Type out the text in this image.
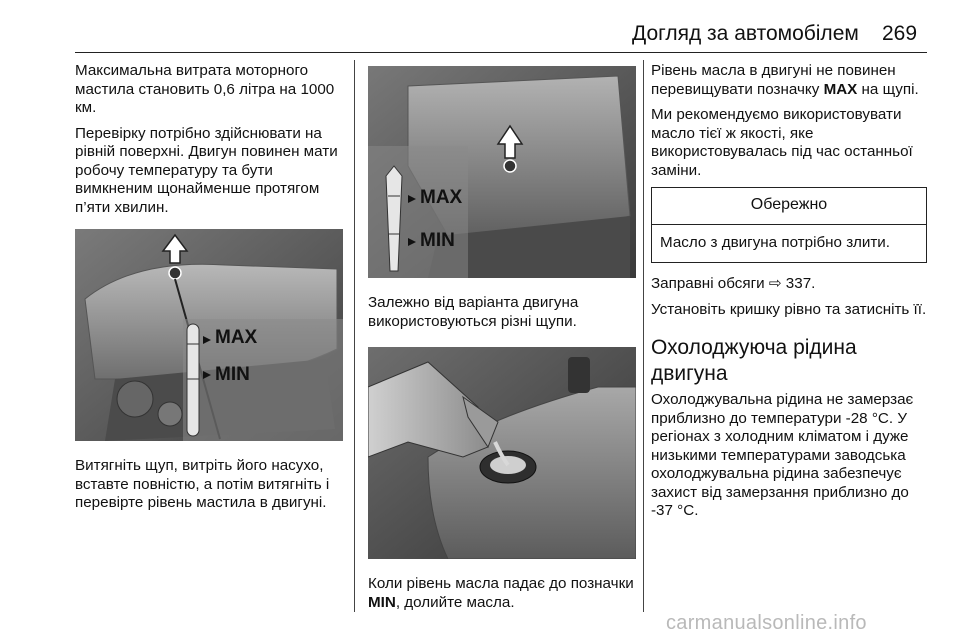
Догляд за автомобілем 269

Максимальна витрата моторного мастила становить 0,6 літра на 1000 км.

Перевірку потрібно здійснювати на рівній поверхні. Двигун повинен мати робочу температуру та бути вимкненим щонайменше протягом п’яти хвилин.

MAX
MIN

Витягніть щуп, витріть його насухо, вставте повністю, а потім витягніть і перевірте рівень мастила в двигуні.

MAX
MIN

Залежно від варіанта двигуна використовуються різні щупи.

Коли рівень масла падає до позначки MIN, долийте масла.

Рівень масла в двигуні не повинен перевищувати позначку MAX на щупі.

Ми рекомендуємо використовувати масло тієї ж якості, яке використовувалась під час останньої заміни.

Обережно
Масло з двигуна потрібно злити.

Заправні обсяги ⇨ 337.

Установіть кришку рівно та затисніть її.

Охолоджуюча рідина двигуна

Охолоджувальна рідина не замерзає приблизно до температури -28 °C. У регіонах з холодним кліматом і дуже низькими температурами заводська охолоджувальна рідина забезпечує захист від замерзання приблизно до -37 °C.

carmanualsonline.info
